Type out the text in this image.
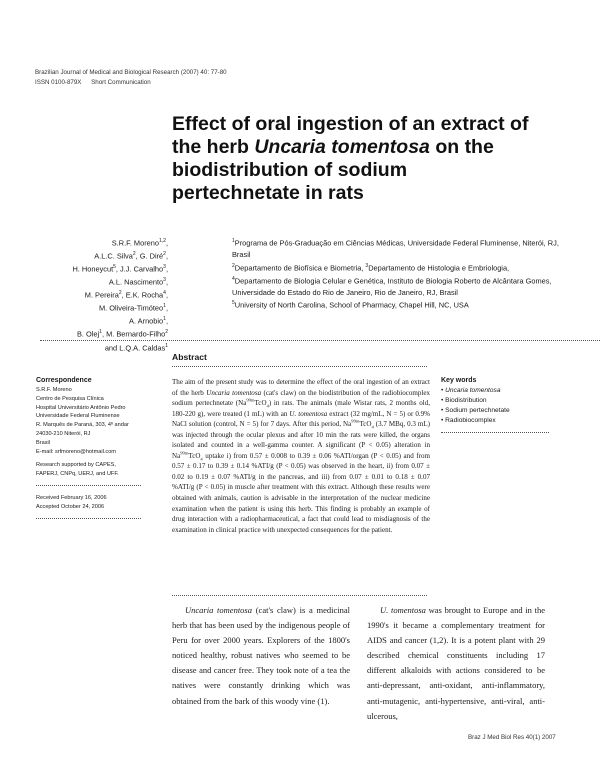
Brazilian Journal of Medical and Biological Research (2007) 40: 77-80
ISSN 0100-879X Short Communication
Effect of oral ingestion of an extract of the herb Uncaria tomentosa on the biodistribution of sodium pertechnetate in rats
S.R.F. Moreno$^{1,2}$,
A.L.C. Silva$^2$, G. Diré$^2$,
H. Honeycut$^5$, J.J. Carvalho$^3$,
A.L. Nascimento$^3$,
M. Pereira$^2$, E.K. Rocha$^4$,
M. Oliveira-Timóteo$^1$,
A. Arnobio$^1$,
B. Olej$^1$, M. Bernardo-Filho$^2$
and L.Q.A. Caldas$^1$
$^1$Programa de Pós-Graduação em Ciências Médicas, Universidade Federal Fluminense, Niterói, RJ, Brasil
$^2$Departamento de Biofísica e Biometria, $^3$Departamento de Histologia e Embriologia,
$^4$Departamento de Biologia Celular e Genética, Instituto de Biologia Roberto de Alcântara Gomes, Universidade do Estado do Rio de Janeiro, Rio de Janeiro, RJ, Brasil
$^5$University of North Carolina, School of Pharmacy, Chapel Hill, NC, USA
Abstract
Correspondence
S.R.F. Moreno
Centro de Pesquisa Clínica
Hospital Universitário Antônio Pedro
Universidade Federal Fluminense
R. Marquês de Paraná, 303, 4º andar
24030-210 Niterói, RJ
Brasil
E-mail: srfmoreno@hotmail.com
Research supported by CAPES,
FAPERJ, CNPq, UERJ, and UFF.
Received February 16, 2006
Accepted October 24, 2006
The aim of the present study was to determine the effect of the oral ingestion of an extract of the herb Uncaria tomentosa (cat's claw) on the biodistribution of the radiobiocomplex sodium pertechnetate $(Na^{99m}TcO_4)$ in rats. The animals (male Wistar rats, 2 months old, 180-220 g), were treated (1 mL) with an U. tomentosa extract (32 mg/mL, N = 5) or 0.9% NaCl solution (control, N = 5) for 7 days. After this period, $Na^{99m}TcO_4$ (3.7 MBq, 0.3 mL) was injected through the ocular plexus and after 10 min the rats were killed, the organs isolated and counted in a well-gamma counter. A significant (P < 0.05) alteration in $Na^{99m}TcO_4$ uptake i) from 0.57 ± 0.008 to 0.39 ± 0.06 %ATI/organ (P < 0.05) and from 0.57 ± 0.17 to 0.39 ± 0.14 %ATI/g (P < 0.05) was observed in the heart, ii) from 0.07 ± 0.02 to 0.19 ± 0.07 %ATI/g in the pancreas, and iii) from 0.07 ± 0.01 to 0.18 ± 0.07 %ATI/g (P < 0.05) in muscle after treatment with this extract. Although these results were obtained with animals, caution is advisable in the interpretation of the nuclear medicine examination when the patient is using this herb. This finding is probably an example of drug interaction with a radiopharmaceutical, a fact that could lead to misdiagnosis of the examination in clinical practice with unexpected consequences for the patient.
Key words
• Uncaria tomentosa
• Biodistribution
• Sodium pertechnetate
• Radiobiocomplex
Uncaria tomentosa (cat's claw) is a medicinal herb that has been used by the indigenous people of Peru for over 2000 years. Explorers of the 1800's noticed healthy, robust natives who seemed to be disease and cancer free. They took note of a tea the natives were constantly drinking which was obtained from the bark of this woody vine (1).
U. tomentosa was brought to Europe and in the 1990's it became a complementary treatment for AIDS and cancer (1,2). It is a potent plant with 29 described chemical constituents including 17 different alkaloids with actions considered to be anti-depressant, anti-oxidant, anti-inflammatory, anti-mutagenic, anti-hypertensive, anti-viral, anti-ulcerous,
Braz J Med Biol Res 40(1) 2007
